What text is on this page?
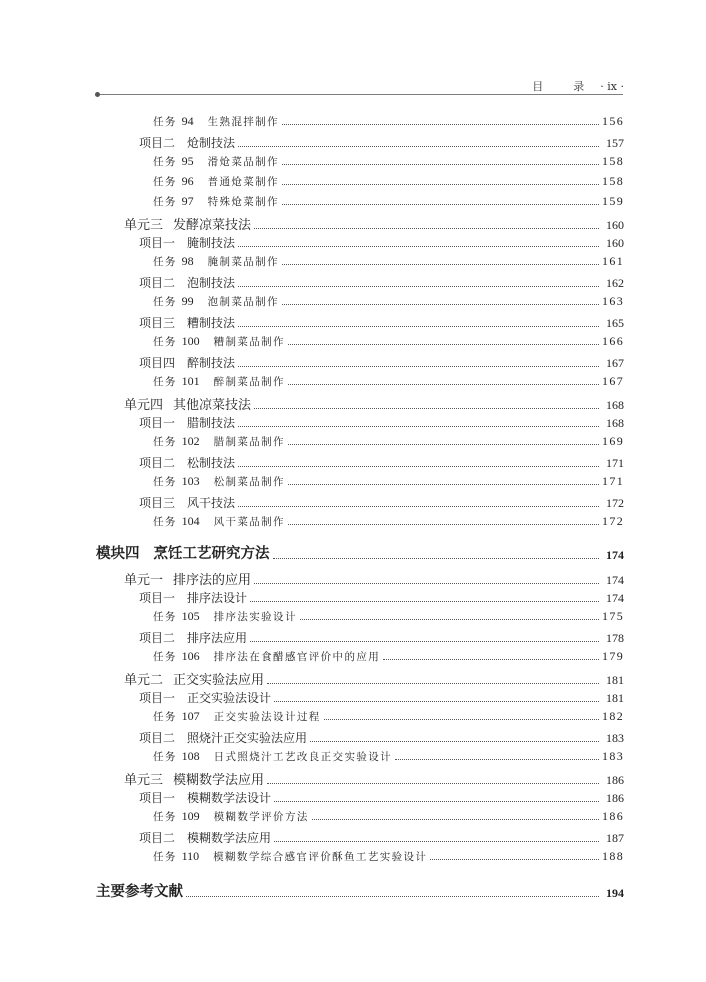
目	录 · ix ·
任务 94 生熟混拌制作	156
项目二 炝制技法	157
任务 95 滑炝菜品制作	158
任务 96 普通炝菜制作	158
任务 97 特殊炝菜制作	159
单元三 发酵凉菜技法	160
项目一 腌制技法	160
任务 98 腌制菜品制作	161
项目二 泡制技法	162
任务 99 泡制菜品制作	163
项目三 糟制技法	165
任务 100 糟制菜品制作	166
项目四 醉制技法	167
任务 101 醉制菜品制作	167
单元四 其他凉菜技法	168
项目一 腊制技法	168
任务 102 腊制菜品制作	169
项目二 松制技法	171
任务 103 松制菜品制作	171
项目三 风干技法	172
任务 104 风干菜品制作	172
模块四 烹饪工艺研究方法	174
单元一 排序法的应用	174
项目一 排序法设计	174
任务 105 排序法实验设计	175
项目二 排序法应用	178
任务 106 排序法在食醋感官评价中的应用	179
单元二 正交实验法应用	181
项目一 正交实验法设计	181
任务 107 正交实验法设计过程	182
项目二 照烧汁正交实验法应用	183
任务 108 日式照烧汁工艺改良正交实验设计	183
单元三 模糊数学法应用	186
项目一 模糊数学法设计	186
任务 109 模糊数学评价方法	186
项目二 模糊数学法应用	187
任务 110 模糊数学综合感官评价酥鱼工艺实验设计	188
主要参考文献	194
